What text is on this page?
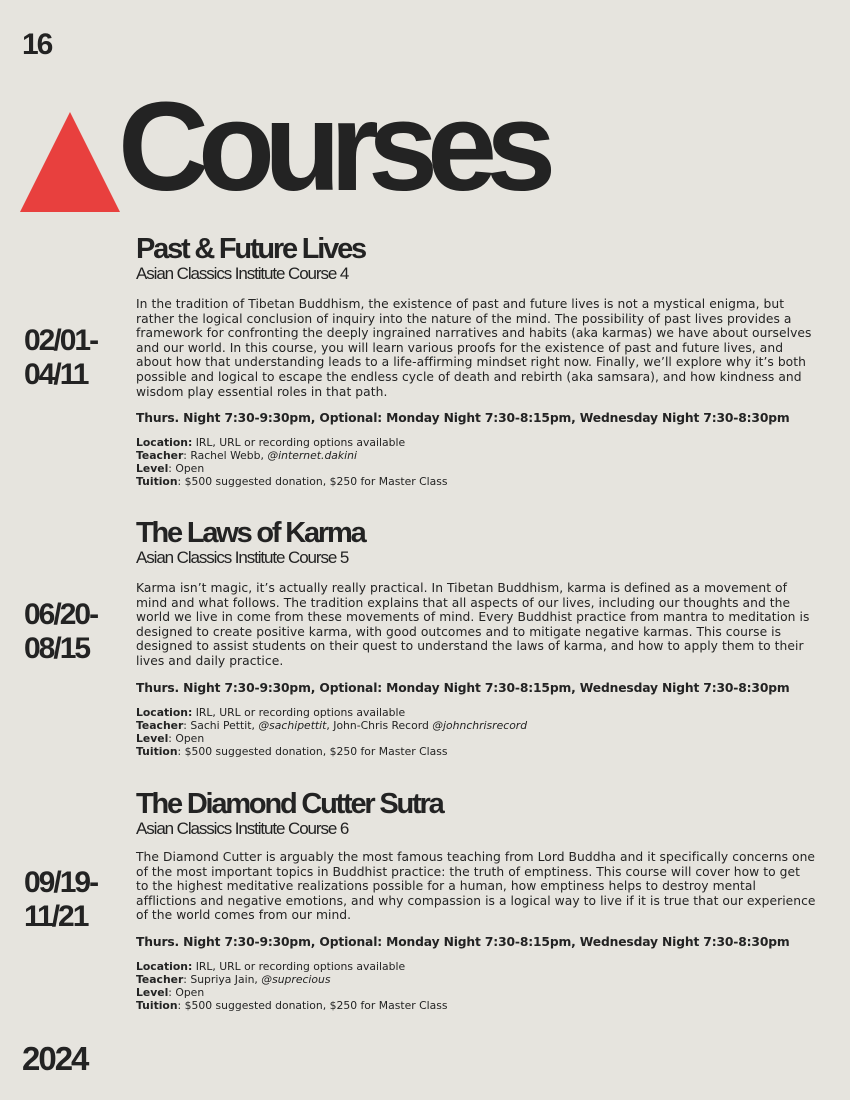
16
Courses
02/01-
04/11
Past & Future Lives
Asian Classics Institute Course 4
In the tradition of Tibetan Buddhism, the existence of past and future lives is not a mystical enigma, but rather the logical conclusion of inquiry into the nature of the mind. The possibility of past lives provides a framework for confronting the deeply ingrained narratives and habits (aka karmas) we have about ourselves and our world. In this course, you will learn various proofs for the existence of past and future lives, and about how that understanding leads to a life-affirming mindset right now. Finally, we’ll explore why it’s both possible and logical to escape the endless cycle of death and rebirth (aka samsara), and how kindness and wisdom play essential roles in that path.
Thurs. Night 7:30-9:30pm, Optional: Monday Night 7:30-8:15pm, Wednesday Night 7:30-8:30pm
Location: IRL, URL or recording options available
Teacher: Rachel Webb, @internet.dakini
Level: Open
Tuition: $500 suggested donation, $250 for Master Class
06/20-
08/15
The Laws of Karma
Asian Classics Institute Course 5
Karma isn’t magic, it’s actually really practical. In Tibetan Buddhism, karma is defined as a movement of mind and what follows. The tradition explains that all aspects of our lives, including our thoughts and the world we live in come from these movements of mind. Every Buddhist practice from mantra to meditation is designed to create positive karma, with good outcomes and to mitigate negative karmas. This course is designed to assist students on their quest to understand the laws of karma, and how to apply them to their lives and daily practice.
Thurs. Night 7:30-9:30pm, Optional: Monday Night 7:30-8:15pm, Wednesday Night 7:30-8:30pm
Location: IRL, URL or recording options available
Teacher: Sachi Pettit, @sachipettit, John-Chris Record @johnchrisrecord
Level: Open
Tuition: $500 suggested donation, $250 for Master Class
09/19-
11/21
The Diamond Cutter Sutra
Asian Classics Institute Course 6
The Diamond Cutter is arguably the most famous teaching from Lord Buddha and it specifically concerns one of the most important topics in Buddhist practice: the truth of emptiness. This course will cover how to get to the highest meditative realizations possible for a human, how emptiness helps to destroy mental afflictions and negative emotions, and why compassion is a logical way to live if it is true that our experience of the world comes from our mind.
Thurs. Night 7:30-9:30pm, Optional: Monday Night 7:30-8:15pm, Wednesday Night 7:30-8:30pm
Location: IRL, URL or recording options available
Teacher: Supriya Jain, @suprecious
Level: Open
Tuition: $500 suggested donation, $250 for Master Class
2024
